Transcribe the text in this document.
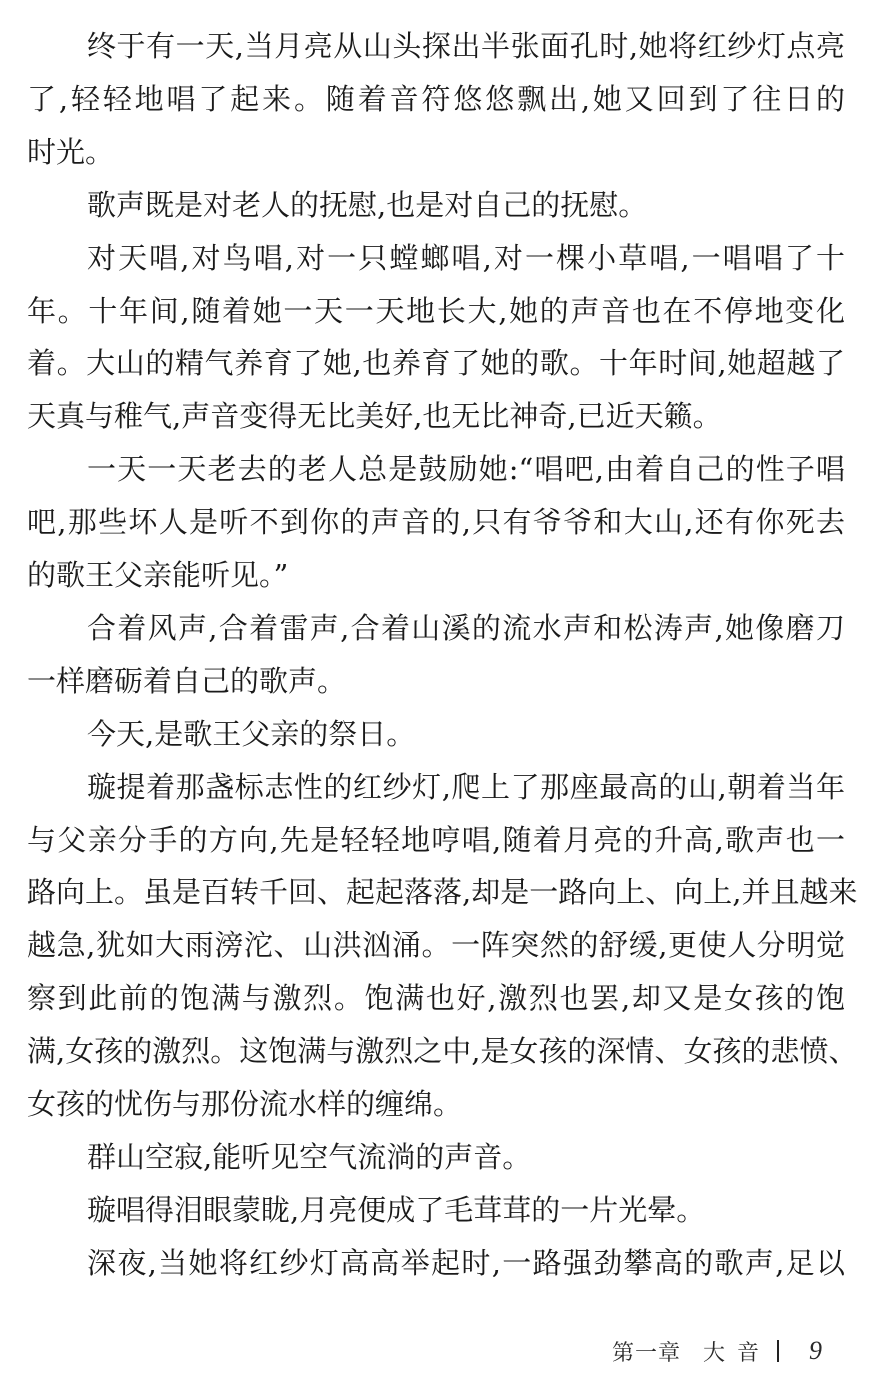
终于有一天,当月亮从山头探出半张面孔时,她将红纱灯点亮
了,轻轻地唱了起来。随着音符悠悠飘出,她又回到了往日的
时光。
歌声既是对老人的抚慰,也是对自己的抚慰。
对天唱,对鸟唱,对一只螳螂唱,对一棵小草唱,一唱唱了十
年。十年间,随着她一天一天地长大,她的声音也在不停地变化
着。大山的精气养育了她,也养育了她的歌。十年时间,她超越了
天真与稚气,声音变得无比美好,也无比神奇,已近天籁。
一天一天老去的老人总是鼓励她:“唱吧,由着自己的性子唱
吧,那些坏人是听不到你的声音的,只有爷爷和大山,还有你死去
的歌王父亲能听见。”
合着风声,合着雷声,合着山溪的流水声和松涛声,她像磨刀
一样磨砺着自己的歌声。
今天,是歌王父亲的祭日。
璇提着那盏标志性的红纱灯,爬上了那座最高的山,朝着当年
与父亲分手的方向,先是轻轻地哼唱,随着月亮的升高,歌声也一
路向上。虽是百转千回、起起落落,却是一路向上、向上,并且越来
越急,犹如大雨滂沱、山洪汹涌。一阵突然的舒缓,更使人分明觉
察到此前的饱满与激烈。饱满也好,激烈也罢,却又是女孩的饱
满,女孩的激烈。这饱满与激烈之中,是女孩的深情、女孩的悲愤、
女孩的忧伤与那份流水样的缠绵。
群山空寂,能听见空气流淌的声音。
璇唱得泪眼蒙眬,月亮便成了毛茸茸的一片光晕。
深夜,当她将红纱灯高高举起时,一路强劲攀高的歌声,足以
第一章 大音 9
